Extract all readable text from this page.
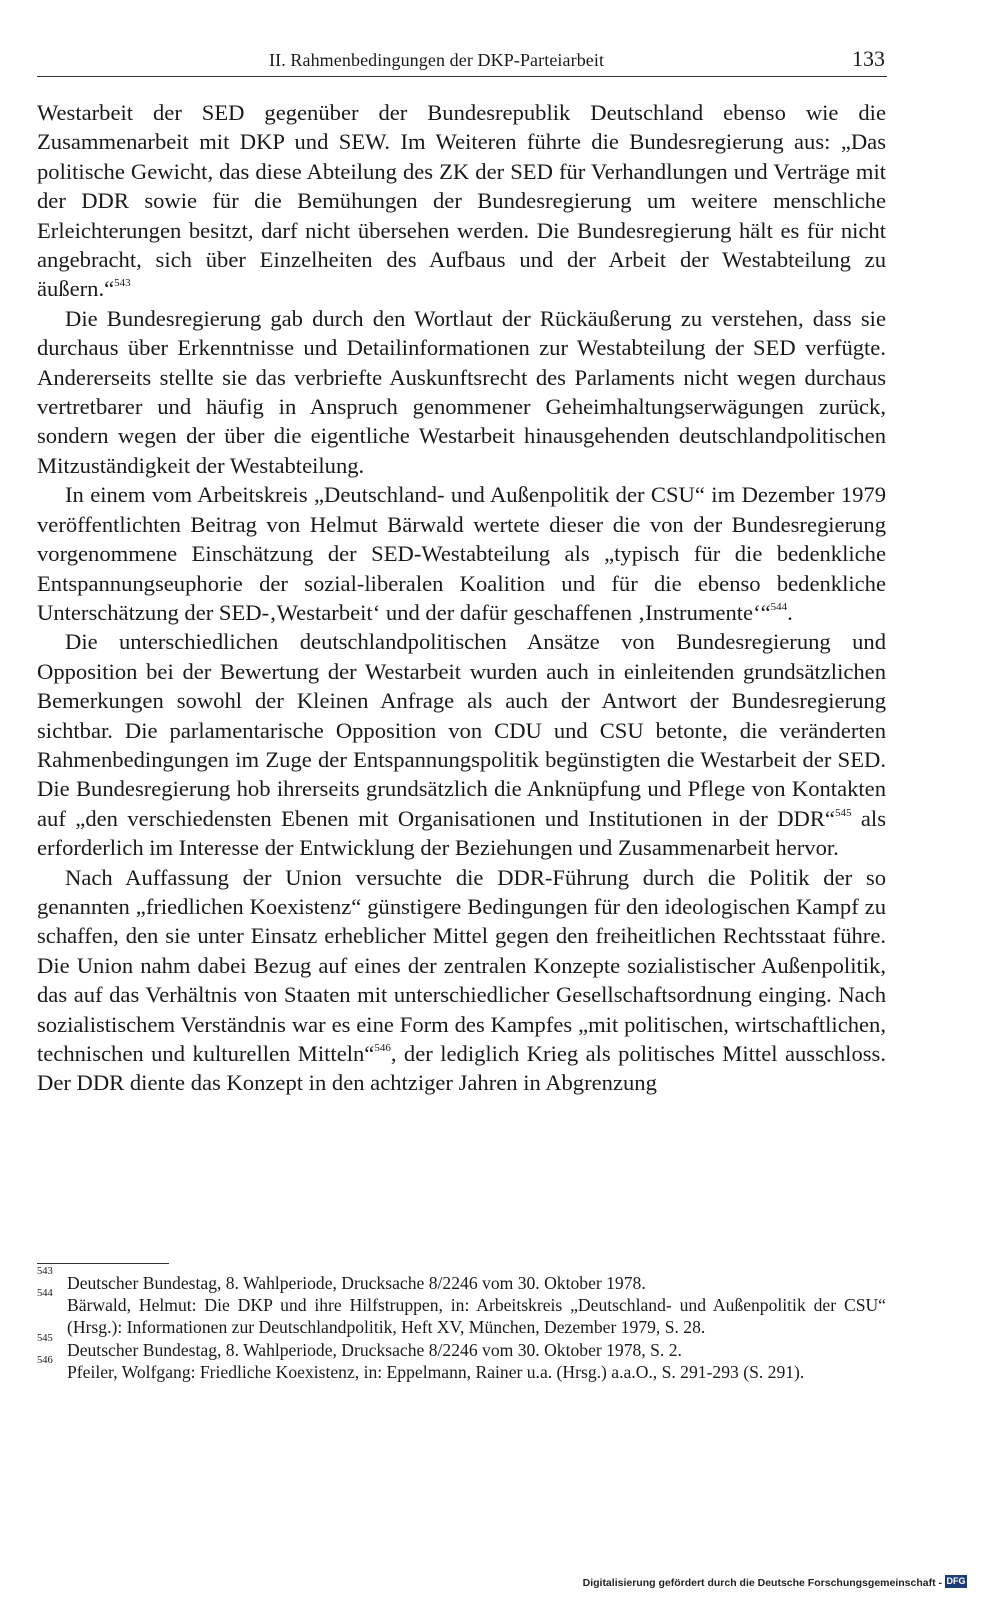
II. Rahmenbedingungen der DKP-Parteiarbeit	133

Westarbeit der SED gegenüber der Bundesrepublik Deutschland ebenso wie die Zusammenarbeit mit DKP und SEW. Im Weiteren führte die Bundesregierung aus: „Das politische Gewicht, das diese Abteilung des ZK der SED für Verhandlungen und Verträge mit der DDR sowie für die Bemühungen der Bundesregierung um weitere menschliche Erleichterungen besitzt, darf nicht übersehen werden. Die Bundesregierung hält es für nicht angebracht, sich über Einzelheiten des Aufbaus und der Arbeit der Westabteilung zu äußern.“$^{543}$

Die Bundesregierung gab durch den Wortlaut der Rückäußerung zu verstehen, dass sie durchaus über Erkenntnisse und Detailinformationen zur Westabteilung der SED verfügte. Andererseits stellte sie das verbriefte Auskunftsrecht des Parlaments nicht wegen durchaus vertretbarer und häufig in Anspruch genommener Geheimhaltungserwägungen zurück, sondern wegen der über die eigentliche Westarbeit hinausgehenden deutschlandpolitischen Mitzuständigkeit der Westabteilung.

In einem vom Arbeitskreis „Deutschland- und Außenpolitik der CSU“ im Dezember 1979 veröffentlichten Beitrag von Helmut Bärwald wertete dieser die von der Bundesregierung vorgenommene Einschätzung der SED-Westabteilung als „typisch für die bedenkliche Entspannungseuphorie der sozial-liberalen Koalition und für die ebenso bedenkliche Unterschätzung der SED-‚Westarbeit‘ und der dafür geschaffenen ‚Instrumente‘“$^{544}$.

Die unterschiedlichen deutschlandpolitischen Ansätze von Bundesregierung und Opposition bei der Bewertung der Westarbeit wurden auch in einleitenden grundsätzlichen Bemerkungen sowohl der Kleinen Anfrage als auch der Antwort der Bundesregierung sichtbar. Die parlamentarische Opposition von CDU und CSU betonte, die veränderten Rahmenbedingungen im Zuge der Entspannungspolitik begünstigten die Westarbeit der SED. Die Bundesregierung hob ihrerseits grundsätzlich die Anknüpfung und Pflege von Kontakten auf „den verschiedensten Ebenen mit Organisationen und Institutionen in der DDR“$^{545}$ als erforderlich im Interesse der Entwicklung der Beziehungen und Zusammenarbeit hervor.

Nach Auffassung der Union versuchte die DDR-Führung durch die Politik der so genannten „friedlichen Koexistenz“ günstigere Bedingungen für den ideologischen Kampf zu schaffen, den sie unter Einsatz erheblicher Mittel gegen den freiheitlichen Rechtsstaat führe. Die Union nahm dabei Bezug auf eines der zentralen Konzepte sozialistischer Außenpolitik, das auf das Verhältnis von Staaten mit unterschiedlicher Gesellschaftsordnung einging. Nach sozialistischem Verständnis war es eine Form des Kampfes „mit politischen, wirtschaftlichen, technischen und kulturellen Mitteln“$^{546}$, der lediglich Krieg als politisches Mittel ausschloss. Der DDR diente das Konzept in den achtziger Jahren in Abgrenzung

543
Deutscher Bundestag, 8. Wahlperiode, Drucksache 8/2246 vom 30. Oktober 1978.
544
Bärwald, Helmut: Die DKP und ihre Hilfstruppen, in: Arbeitskreis „Deutschland- und Außenpolitik der CSU“ (Hrsg.): Informationen zur Deutschlandpolitik, Heft XV, München, Dezember 1979, S. 28.
545
Deutscher Bundestag, 8. Wahlperiode, Drucksache 8/2246 vom 30. Oktober 1978, S. 2.
546
Pfeiler, Wolfgang: Friedliche Koexistenz, in: Eppelmann, Rainer u.a. (Hrsg.) a.a.O., S. 291-293 (S. 291).
Digitalisierung gefördert durch die Deutsche Forschungsgemeinschaft - DFG
